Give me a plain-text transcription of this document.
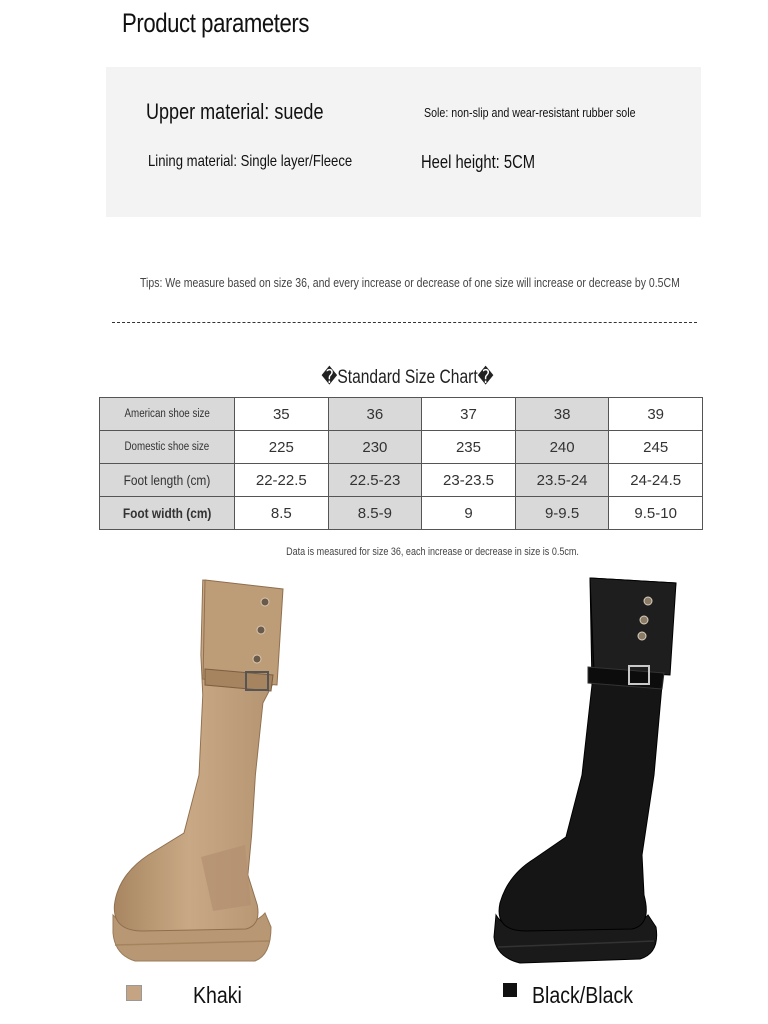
Product parameters
Upper material: suede	Sole: non-slip and wear-resistant rubber sole
Lining material: Single layer/Fleece	Heel height: 5CM
Tips: We measure based on size 36, and every increase or decrease of one size will increase or decrease by 0.5CM
�Standard Size Chart�
American shoe size	35	36	37	38	39
Domestic shoe size	225	230	235	240	245
Foot length (cm)	22-22.5	22.5-23	23-23.5	23.5-24	24-24.5
Foot width (cm)	8.5	8.5-9	9	9-9.5	9.5-10
Data is measured for size 36, each increase or decrease in size is 0.5cm.
Khaki	Black/Black
